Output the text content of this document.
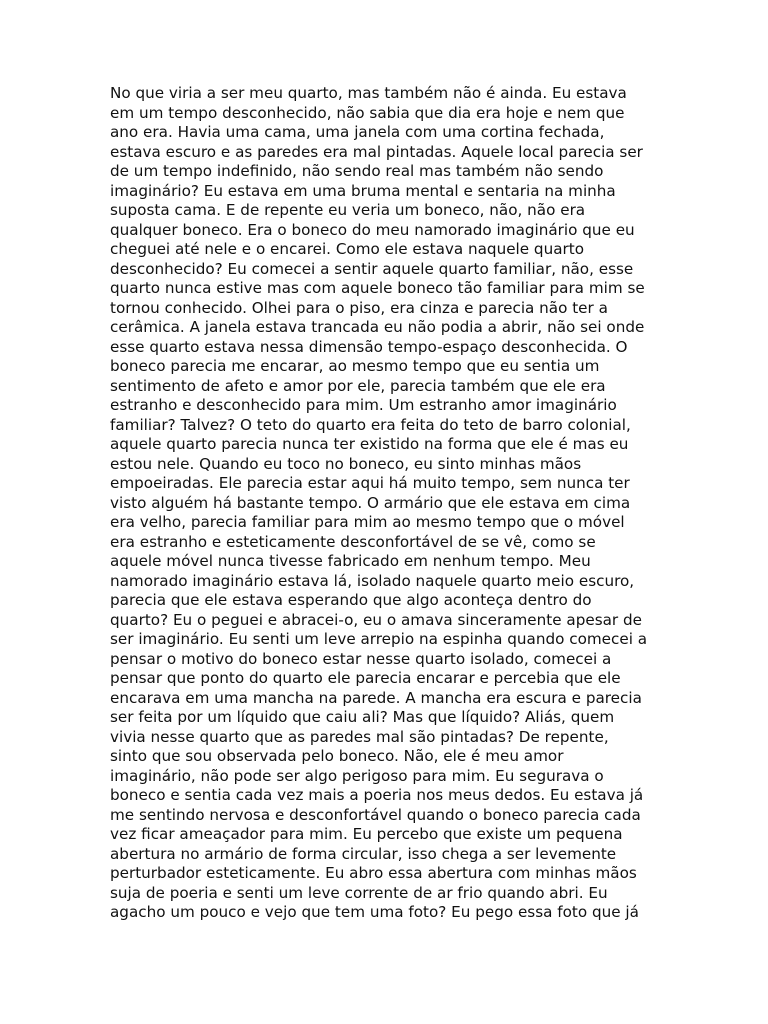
No que viria a ser meu quarto, mas também não é ainda. Eu estava
em um tempo desconhecido, não sabia que dia era hoje e nem que
ano era. Havia uma cama, uma janela com uma cortina fechada,
estava escuro e as paredes era mal pintadas. Aquele local parecia ser
de um tempo indefinido, não sendo real mas também não sendo
imaginário? Eu estava em uma bruma mental e sentaria na minha
suposta cama. E de repente eu veria um boneco, não, não era
qualquer boneco. Era o boneco do meu namorado imaginário que eu
cheguei até nele e o encarei. Como ele estava naquele quarto
desconhecido? Eu comecei a sentir aquele quarto familiar, não, esse
quarto nunca estive mas com aquele boneco tão familiar para mim se
tornou conhecido. Olhei para o piso, era cinza e parecia não ter a
cerâmica. A janela estava trancada eu não podia a abrir, não sei onde
esse quarto estava nessa dimensão tempo-espaço desconhecida. O
boneco parecia me encarar, ao mesmo tempo que eu sentia um
sentimento de afeto e amor por ele, parecia também que ele era
estranho e desconhecido para mim. Um estranho amor imaginário
familiar? Talvez? O teto do quarto era feita do teto de barro colonial,
aquele quarto parecia nunca ter existido na forma que ele é mas eu
estou nele. Quando eu toco no boneco, eu sinto minhas mãos
empoeiradas. Ele parecia estar aqui há muito tempo, sem nunca ter
visto alguém há bastante tempo. O armário que ele estava em cima
era velho, parecia familiar para mim ao mesmo tempo que o móvel
era estranho e esteticamente desconfortável de se vê, como se
aquele móvel nunca tivesse fabricado em nenhum tempo. Meu
namorado imaginário estava lá, isolado naquele quarto meio escuro,
parecia que ele estava esperando que algo aconteça dentro do
quarto? Eu o peguei e abracei-o, eu o amava sinceramente apesar de
ser imaginário. Eu senti um leve arrepio na espinha quando comecei a
pensar o motivo do boneco estar nesse quarto isolado, comecei a
pensar que ponto do quarto ele parecia encarar e percebia que ele
encarava em uma mancha na parede. A mancha era escura e parecia
ser feita por um líquido que caiu ali? Mas que líquido? Aliás, quem
vivia nesse quarto que as paredes mal são pintadas? De repente,
sinto que sou observada pelo boneco. Não, ele é meu amor
imaginário, não pode ser algo perigoso para mim. Eu segurava o
boneco e sentia cada vez mais a poeria nos meus dedos. Eu estava já
me sentindo nervosa e desconfortável quando o boneco parecia cada
vez ficar ameaçador para mim. Eu percebo que existe um pequena
abertura no armário de forma circular, isso chega a ser levemente
perturbador esteticamente. Eu abro essa abertura com minhas mãos
suja de poeria e senti um leve corrente de ar frio quando abri. Eu
agacho um pouco e vejo que tem uma foto? Eu pego essa foto que já
